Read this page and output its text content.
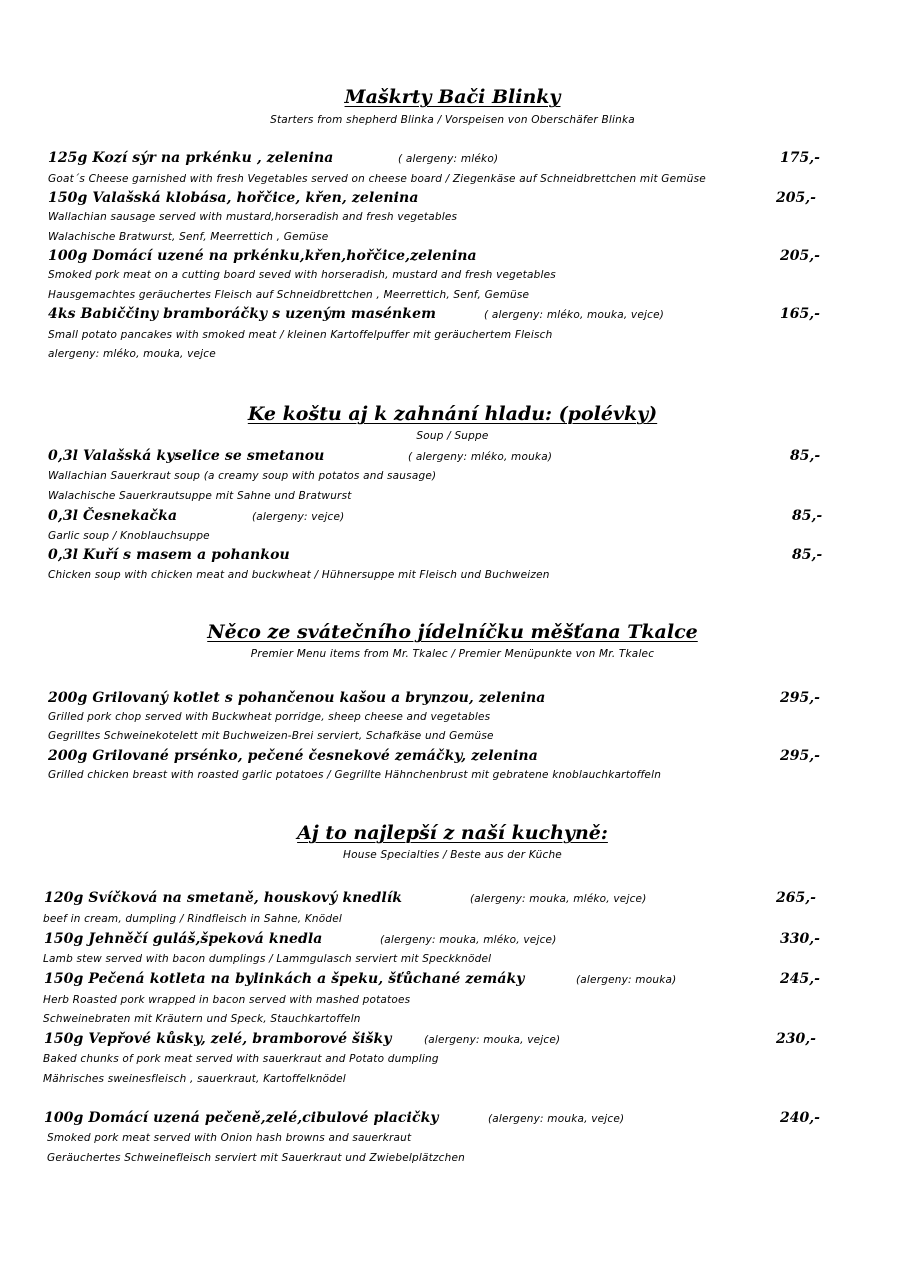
Maškrty Bači Blinky
Starters from shepherd Blinka / Vorspeisen von Oberschäfer Blinka
125g Kozí sýr na prkénku , zelenina	( alergeny: mléko)	175,-
Goat´s Cheese garnished with fresh Vegetables served on cheese board / Ziegenkäse auf Schneidbrettchen mit Gemüse
150g Valašská klobása, hořčice, křen, zelenina	205,-
Wallachian sausage served with mustard,horseradish and fresh vegetables
Walachische Bratwurst, Senf, Meerrettich , Gemüse
100g Domácí uzené na prkénku,křen,hořčice,zelenina	205,-
Smoked pork meat on a cutting board seved with horseradish, mustard and fresh vegetables
Hausgemachtes geräuchertes Fleisch auf Schneidbrettchen , Meerrettich, Senf, Gemüse
4ks Babiččiny bramboráčky s uzeným masénkem	( alergeny: mléko, mouka, vejce)	165,-
Small potato pancakes with smoked meat / kleinen Kartoffelpuffer mit geräuchertem Fleisch
alergeny: mléko, mouka, vejce
Ke koštu aj k zahnání hladu: (polévky)
Soup / Suppe
0,3l Valašská kyselice se smetanou	( alergeny: mléko, mouka)	85,-
Wallachian Sauerkraut soup (a creamy soup with potatos and sausage)
Walachische Sauerkrautsuppe mit Sahne und Bratwurst
0,3l Česnekačka	(alergeny: vejce)	85,-
Garlic soup / Knoblauchsuppe
0,3l Kuří s masem a pohankou	85,-
Chicken soup with chicken meat and buckwheat / Hühnersuppe mit Fleisch und Buchweizen
Něco ze svátečního jídelníčku měšťana Tkalce
Premier Menu items from Mr. Tkalec / Premier Menüpunkte von Mr. Tkalec
200g Grilovaný kotlet s pohančenou kašou a brynzou, zelenina	295,-
Grilled pork chop served with Buckwheat porridge, sheep cheese and vegetables
Gegrilltes Schweinekotelett mit Buchweizen-Brei serviert, Schafkäse und Gemüse
200g Grilované prsénko, pečené česnekové zemáčky, zelenina	295,-
Grilled chicken breast with roasted garlic potatoes / Gegrillte Hähnchenbrust mit gebratene knoblauchkartoffeln
Aj to najlepší z naší kuchyně:
House Specialties / Beste aus der Küche
120g Svíčková na smetaně, houskový knedlík	(alergeny: mouka, mléko, vejce)	265,-
beef in cream, dumpling / Rindfleisch in Sahne, Knödel
150g Jehněčí guláš,špeková knedla	(alergeny: mouka, mléko, vejce)	330,-
Lamb stew served with bacon dumplings / Lammgulasch serviert mit Speckknödel
150g Pečená kotleta na bylinkách a špeku, šťůchané zemáky	(alergeny: mouka)	245,-
Herb Roasted pork wrapped in bacon served with mashed potatoes
Schweinebraten mit Kräutern und Speck, Stauchkartoffeln
150g Vepřové kůsky, zelé, bramborové šišky	(alergeny: mouka, vejce)	230,-
Baked chunks of pork meat served with sauerkraut and Potato dumpling
Mährisches sweinesfleisch , sauerkraut, Kartoffelknödel
100g Domácí uzená pečeně,zelé,cibulové placičky	(alergeny: mouka, vejce)	240,-
Smoked pork meat served with Onion hash browns and sauerkraut
Geräuchertes Schweinefleisch serviert mit Sauerkraut und Zwiebelplätzchen
